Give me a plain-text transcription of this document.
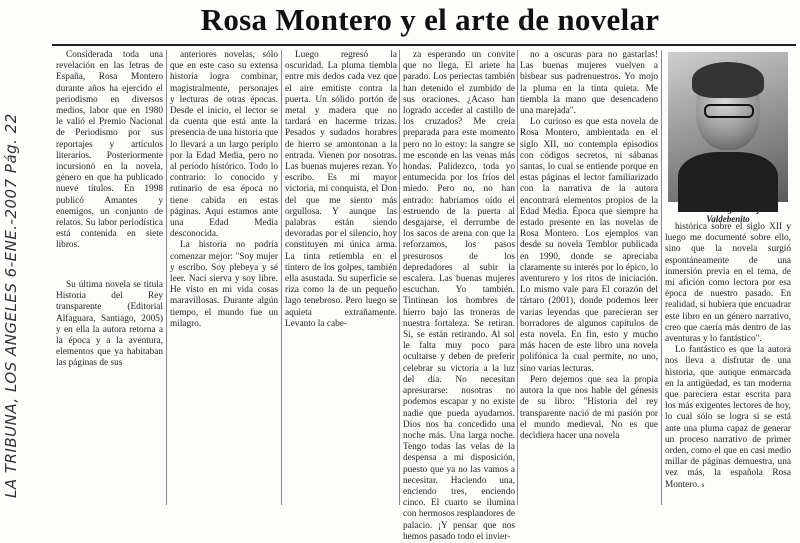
Rosa Montero y el arte de novelar
LA TRIBUNA, LOS ANGELES 6-ENE.-2007 Pág. 22

Considerada toda una revelación en las letras de España, Rosa Montero durante años ha ejercido el periodismo en diversos medios, labor que en 1980 le valió el Premio Nacional de Periodismo por sus reportajes y artículos literarios. Posteriormente incursionó en la novela, género en que ha publicado nueve títulos. En 1998 publicó Amantes y enemigos, un conjunto de relatos. Su labor periodística está contenida en siete libros.

Su última novela se titula Historia del Rey transparente (Editorial Alfaguara, Santiago, 2005) y en ella la autora retorna a la época y a la aventura, elementos que ya habitaban las páginas de sus

anteriores novelas, sólo que en este caso su extensa historia logra combinar, magistralmente, personajes y lecturas de otras épocas. Desde el inicio, el lector se da cuenta que está ante la presencia de una historia que lo llevará a un largo periplo por la Edad Media, pero no al período histórico. Todo lo contrario: lo conocido y rutinario de esa época no tiene cabida en estas páginas. Aquí estamos ante una Edad Media desconocida.

La historia no podría comenzar mejor: "Soy mujer y escribo. Soy plebeya y sé leer. Nací sierva y soy libre. He visto en mi vida cosas maravillosas. Durante algún tiempo, el mundo fue un milagro.

Luego regresó la oscuridad. La pluma tiembla entre mis dedos cada vez que el aire emitiste contra la puerta. Un sólido portón de metal y madera que no tardará en hacerme trizas. Pesados y sudados horabres de hierro se amontonan a la entrada. Vienen por nosotras. Las buenas mujeres rezan. Yo escribo. Es mi mayor victoria, mi conquista, el Don del que me siento más orgullosa. Y aunque las palabras están siendo devoradas por el silencio, hoy constituyen mi única arma. La tinta retiembla en el tintero de los golpes, también ella asustada. Su superficie se riza como la de un pequeño lago tenebroso. Pero luego se aquieta extrañamente. Levanto la cabe-

za esperando un convite que no llega. El ariete ha parado. Los periectas también han detenido el zumbido de sus oraciones. ¿Acaso han logrado acceder al castillo de los cruzados? Me creía preparada para este momento pero no lo estoy: la sangre se me esconde en las venas más hondas. Palidezco, toda yo entumecida por los fríos del miedo. Pero no, no han entrado: habríamos oído el estruendo de la puerta al desgajarse, el derrumbe de los sacos de arena con que la reforzamos, los pasos presurosos de los depredadores al subir la escalera. Las buenas mujeres escuchan. Yo también. Tintinean los hombres de hierro bajo las troneras de nuestra fortaleza. Se retiran. Sí, se están retirando. Al sol le falta muy poco para ocultarse y deben de preferir celebrar su victoria a la luz del día. No necesitan apresurarse: nosotras no podemos escapar y no existe nadie que pueda ayudarnos. Dios nos ha concedido una noche más. Una larga noche. Tengo todas las velas de la despensa a mi disposición, puesto que ya no las vamos a necesitar. Haciendo una, enciendo tres, enciendo cinco. El cuarto se ilumina con hermosos resplandores de palacio. ¡Y pensar que nos hemos pasado todo el invier-

no a oscuras para no gastarlas! Las buenas mujeres vuelven a bisbear sus padrenuestros. Yo mojo la pluma en la tinta quieta. Me tiembla la mano que desencadeno una marejada".

Lo curioso es que esta novela de Rosa Montero, ambientada en el siglo XII, no contempla episodios con códigos secretos, ni sábanas santas, lo cual se entiende porque en estas páginas el lector familiarizado con la narrativa de la autora encontrará elementos propios de la Edad Media. Época que siempre ha estado presente en las novelas de Rosa Montero. Los ejemplos van desde su novela Temblor publicada en 1990, donde se apreciaba claramente su interés por lo épico, lo aventurero y los ritos de iniciación. Lo mismo vale para El corazón del tártaro (2001), donde podemos leer varias leyendas que parecieran ser borradores de algunos capítulos de esta novela. En fin, esto y mucho más hacen de este libro una novela polifónica la cual permite, no uno, sino varias lecturas.

Pero dejemos que sea la propia autora la que nos hable del génesis de su libro: "Historia del rey transparente nació de mi pasión por el mundo medieval. No es que decidiera hacer una novela

Por Wellington Rojas Valdebenito

histórica sobre el siglo XII y luego me documenté sobre ello, sino que la novela surgió espontáneamente de una inmersión previa en el tema, de mi afición como lectora por esa época de nuestro pasado. En realidad, si hubiera que encuadrar este libro en un género narrativo, creo que caería más dentro de las aventuras y lo fantástico".

Lo fantástico es que la autora nos lleva a disfrutar de una historia, que aunque enmarcada en la antigüedad, es tan moderna que pareciera estar escrita para los más exigentes lectores de hoy, lo cual sólo se logra si se está ante una pluma capaz de generar un proceso narrativo de primer orden, como el que en casi medio millar de páginas demuestra, una vez más, la española Rosa Montero. s
